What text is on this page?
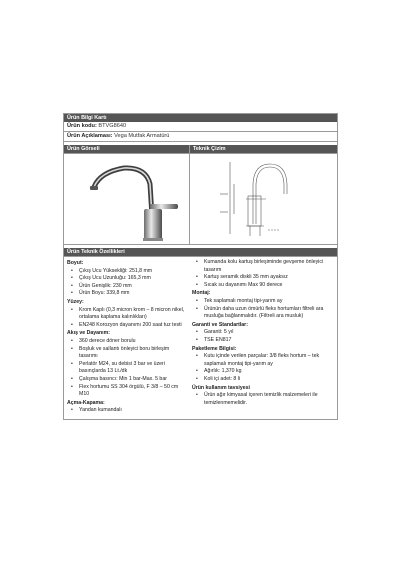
Ürün Bilgi Kartı
Ürün kodu: BTVG8640
Ürün Açıklaması: Vega Mutfak Armatürü
Ürün Görseli	Teknik Çizim
Ürün Teknik Özellikleri
Boyut:
• Çıkış Ucu Yüksekliği: 251,8 mm
• Çıkış Ucu Uzunluğu: 165,3 mm
• Ürün Genişlik: 230 mm
• Ürün Boyu: 339,8 mm
Yüzey:
• Krom Kaplı (0,3 micron krom – 8 micron nikel, ortalama kaplama kalınlıkları)
• EN248 Korozyon dayanımı 200 saat tuz testi
Akış ve Dayanım:
• 360 derece döner borulu
• Boşluk ve sallantı önleyici boru birleşim tasarımı
• Perlatör M24, su debisi 3 bar ve üzeri basınçlarda 13 Lt./dk
• Çalışma basıncı: Min 1 bar-Max. 5 bar
• Flex hortumu SS 304 örgülü, F 3/8 – 50 cm M10
Açma-Kapama:
• Yandan kumandalı
• Kumanda kolu kartuş birleşiminde gevşeme önleyici tasarım
• Kartuş seramik diskli 35 mm ayaksız
• Sıcak su dayanımı Max 90 derece
Montaj:
• Tek saplamalı montaj tipi-yarım ay
• Ürünün daha uzun ömürlü fleks hortumları filtreli ara musluğa bağlanmalıdır. (Filtreli ara musluk)
Garanti ve Standartlar:
• Garanti: 5 yıl
• TSE EN817
Paketleme Bilgisi:
• Kutu içinde verilen parçalar: 3/8 fleks hortum – tek saplamalı montaj tipi-yarım ay
• Ağırlık: 1,370 kg
• Koli içi adet: 8 li
Ürün kullanım tavsiyesi
• Ürün ağır kimyasal içeren temizlik malzemeleri ile temizlenmemelidir.
